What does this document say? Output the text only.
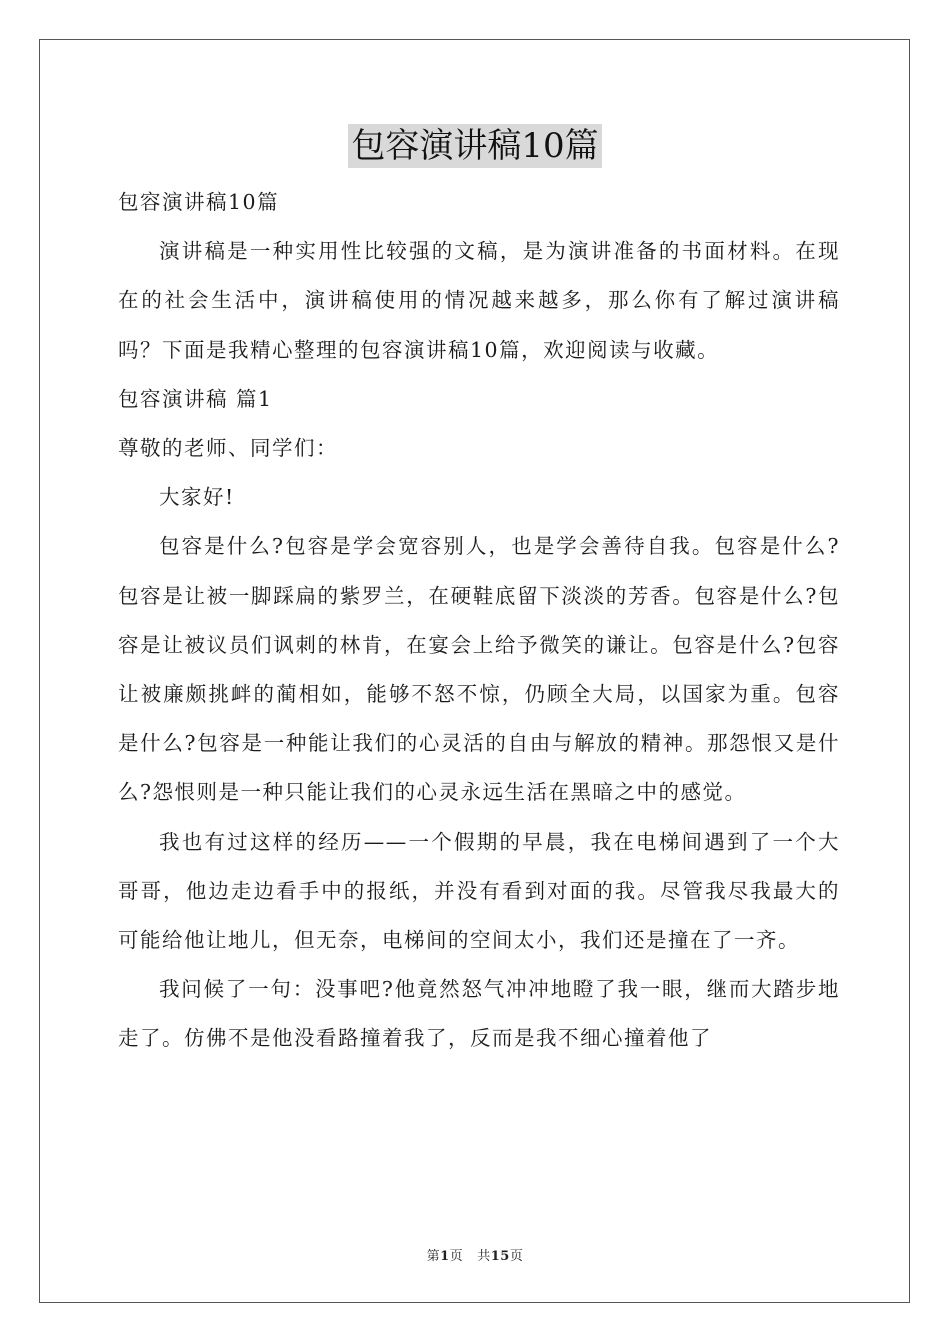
包容演讲稿10篇

包容演讲稿10篇

演讲稿是一种实用性比较强的文稿，是为演讲准备的书面材料。在现在的社会生活中，演讲稿使用的情况越来越多，那么你有了解过演讲稿吗？下面是我精心整理的包容演讲稿10篇，欢迎阅读与收藏。

包容演讲稿 篇1

尊敬的老师、同学们：

大家好!

包容是什么?包容是学会宽容别人，也是学会善待自我。包容是什么?包容是让被一脚踩扁的紫罗兰，在硬鞋底留下淡淡的芳香。包容是什么?包容是让被议员们讽刺的林肯，在宴会上给予微笑的谦让。包容是什么?包容让被廉颇挑衅的蔺相如，能够不怒不惊，仍顾全大局，以国家为重。包容是什么?包容是一种能让我们的心灵活的自由与解放的精神。那怨恨又是什么?怨恨则是一种只能让我们的心灵永远生活在黑暗之中的感觉。

我也有过这样的经历——一个假期的早晨，我在电梯间遇到了一个大哥哥，他边走边看手中的报纸，并没有看到对面的我。尽管我尽我最大的可能给他让地儿，但无奈，电梯间的空间太小，我们还是撞在了一齐。

我问候了一句：没事吧?他竟然怒气冲冲地瞪了我一眼，继而大踏步地走了。仿佛不是他没看路撞着我了，反而是我不细心撞着他了

第1页 共15页
